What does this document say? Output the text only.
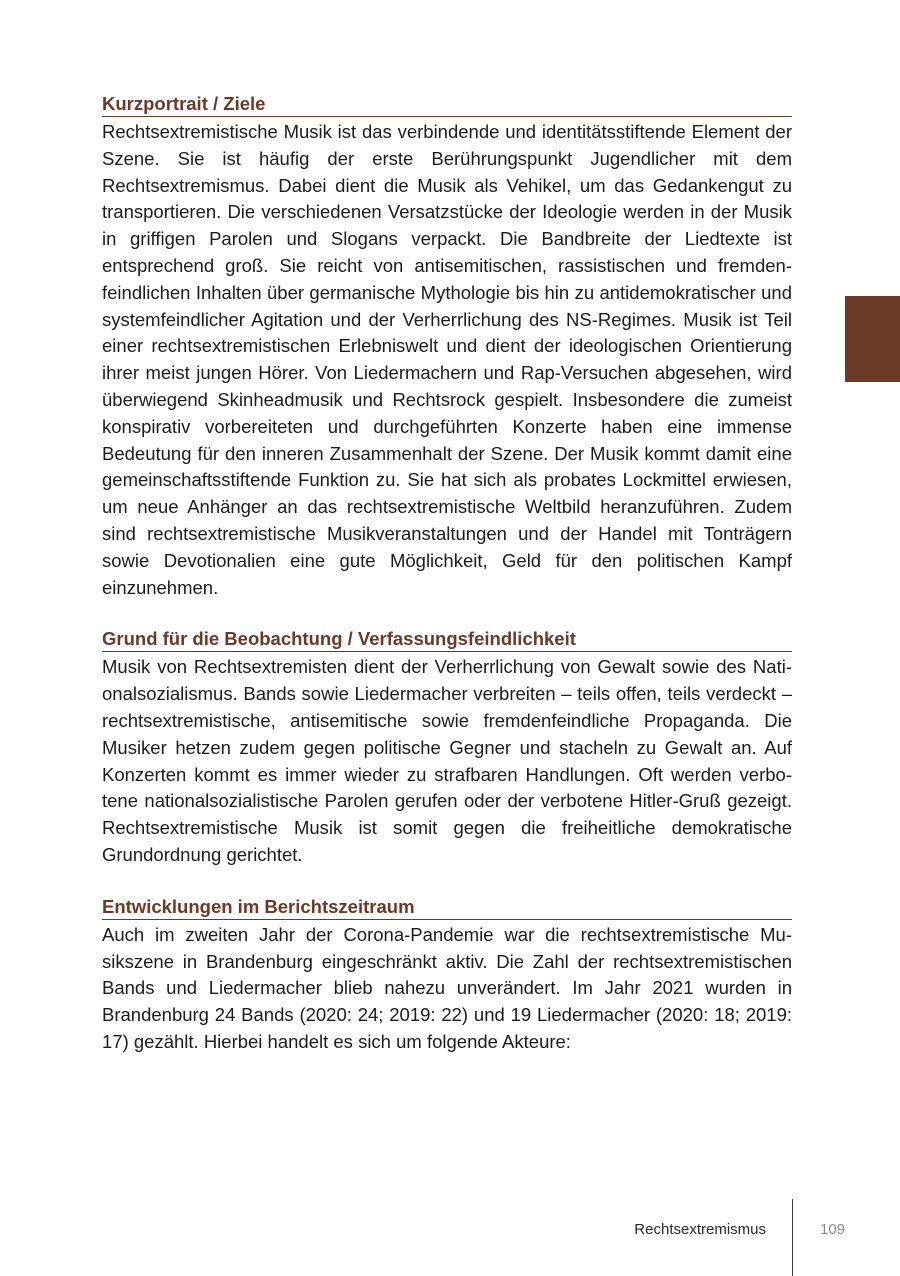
Kurzportrait / Ziele

Rechtsextremistische Musik ist das verbindende und identitätsstiftende Element der Szene. Sie ist häufig der erste Berührungspunkt Jugendlicher mit dem Rechtsextremismus. Dabei dient die Musik als Vehikel, um das Gedankengut zu transportieren. Die verschiedenen Versatzstücke der Ideologie werden in der Musik in griffigen Parolen und Slogans verpackt. Die Bandbreite der Liedtexte ist entsprechend groß. Sie reicht von antisemitischen, rassistischen und fremdenfeindlichen Inhalten über germanische Mythologie bis hin zu antidemokratischer und systemfeindlicher Agitation und der Verherrlichung des NS-Regimes. Musik ist Teil einer rechtsextremistischen Erlebniswelt und dient der ideologischen Orientierung ihrer meist jungen Hörer. Von Liedermachern und Rap-Versuchen abgesehen, wird überwiegend Skinheadmusik und Rechtsrock gespielt. Insbesondere die zumeist konspirativ vorbereiteten und durchgeführten Konzerte haben eine immense Bedeutung für den inneren Zusammenhalt der Szene. Der Musik kommt damit eine gemeinschaftsstiftende Funktion zu. Sie hat sich als probates Lockmittel erwiesen, um neue Anhänger an das rechtsextremistische Weltbild heranzuführen. Zudem sind rechtsextremistische Musikveranstaltungen und der Handel mit Tonträgern sowie Devotionalien eine gute Möglichkeit, Geld für den politischen Kampf einzunehmen.

Grund für die Beobachtung / Verfassungsfeindlichkeit

Musik von Rechtsextremisten dient der Verherrlichung von Gewalt sowie des Nationalsozialismus. Bands sowie Liedermacher verbreiten – teils offen, teils verdeckt – rechtsextremistische, antisemitische sowie fremdenfeindliche Propaganda. Die Musiker hetzen zudem gegen politische Gegner und stacheln zu Gewalt an. Auf Konzerten kommt es immer wieder zu strafbaren Handlungen. Oft werden verbotene nationalsozialistische Parolen gerufen oder der verbotene Hitler-Gruß gezeigt. Rechtsextremistische Musik ist somit gegen die freiheitliche demokratische Grundordnung gerichtet.

Entwicklungen im Berichtszeitraum

Auch im zweiten Jahr der Corona-Pandemie war die rechtsextremistische Musikszene in Brandenburg eingeschränkt aktiv. Die Zahl der rechtsextremistischen Bands und Liedermacher blieb nahezu unverändert. Im Jahr 2021 wurden in Brandenburg 24 Bands (2020: 24; 2019: 22) und 19 Liedermacher (2020: 18; 2019: 17) gezählt. Hierbei handelt es sich um folgende Akteure:

Rechtsextremismus	109
